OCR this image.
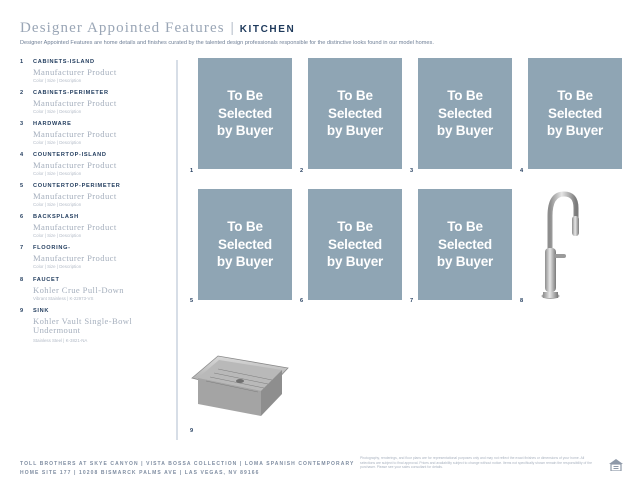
Designer Appointed Features | KITCHEN
Designer Appointed Features are home details and finishes curated by the talented design professionals responsible for the distinctive looks found in our model homes.
1 CABINETS-ISLAND
Manufacturer Product
Color | Size | Description
2 CABINETS-PERIMETER
Manufacturer Product
Color | Size | Description
3 HARDWARE
Manufacturer Product
Color | Size | Description
4 COUNTERTOP-ISLAND
Manufacturer Product
Color | Size | Description
5 COUNTERTOP-PERIMETER
Manufacturer Product
Color | Size | Description
6 BACKSPLASH
Manufacturer Product
Color | Size | Description
7 FLOORING-
Manufacturer Product
Color | Size | Description
8 FAUCET
Kohler Crue Pull-Down
Vibrant Stainless | K-22973-VS
9 SINK
Kohler Vault Single-Bowl Undermount
Stainless Steel | K-3821-NA
To Be Selected by Buyer
1
To Be Selected by Buyer
2
To Be Selected by Buyer
3
To Be Selected by Buyer
4
To Be Selected by Buyer
5
To Be Selected by Buyer
6
To Be Selected by Buyer
7	8
9
TOLL BROTHERS AT SKYE CANYON | VISTA BOSSA COLLECTION | LOMA SPANISH CONTEMPORARY
HOME SITE 177 | 10208 BISMARCK PALMS AVE | LAS VEGAS, NV 89166
Photography, renderings, and floor plans are for representational purposes only and may not reflect the exact finishes or dimensions of your home. All selections are subject to final approval. Prices and availability subject to change without notice. Items not specifically shown remain the responsibility of the purchaser. Please see your sales consultant for details.
